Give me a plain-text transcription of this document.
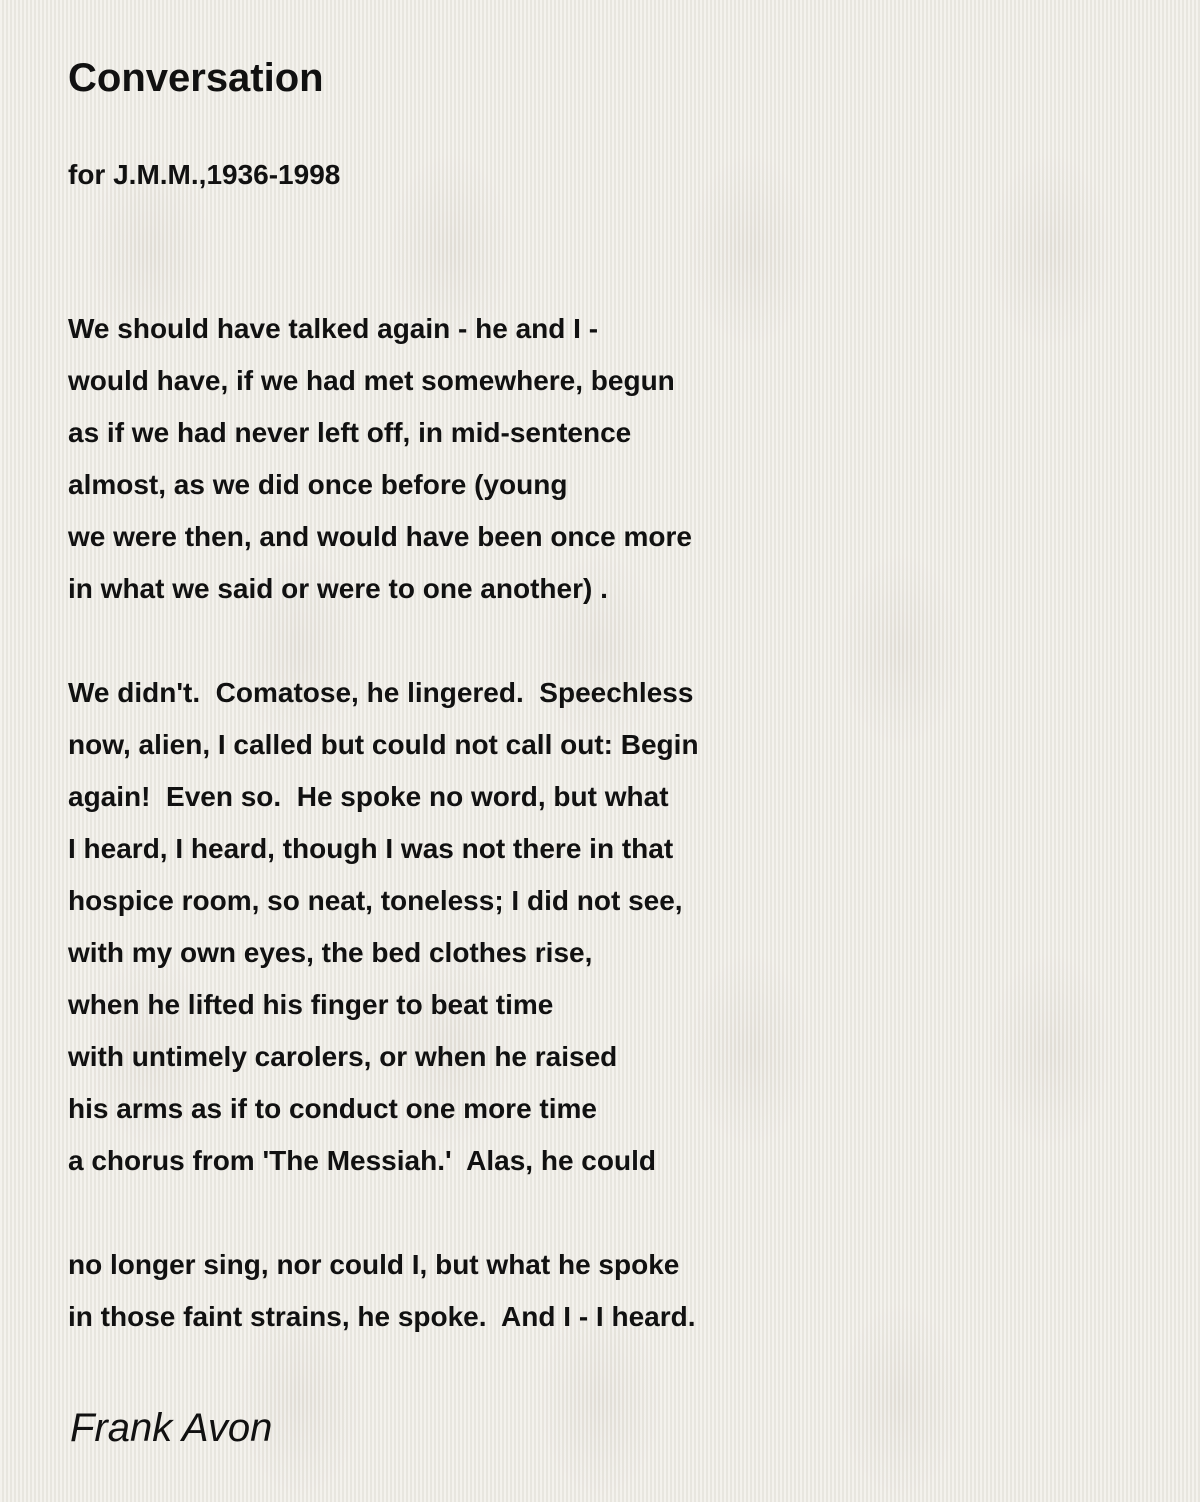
Conversation
for J.M.M.,1936-1998
We should have talked again - he and I -
would have, if we had met somewhere, begun
as if we had never left off, in mid-sentence
almost, as we did once before (young
we were then, and would have been once more
in what we said or were to one another) .
We didn't.  Comatose, he lingered.  Speechless
now, alien, I called but could not call out: Begin
again!  Even so.  He spoke no word, but what
I heard, I heard, though I was not there in that
hospice room, so neat, toneless; I did not see,
with my own eyes, the bed clothes rise,
when he lifted his finger to beat time
with untimely carolers, or when he raised
his arms as if to conduct one more time
a chorus from 'The Messiah.'  Alas, he could
no longer sing, nor could I, but what he spoke
in those faint strains, he spoke.  And I - I heard.
Frank Avon
